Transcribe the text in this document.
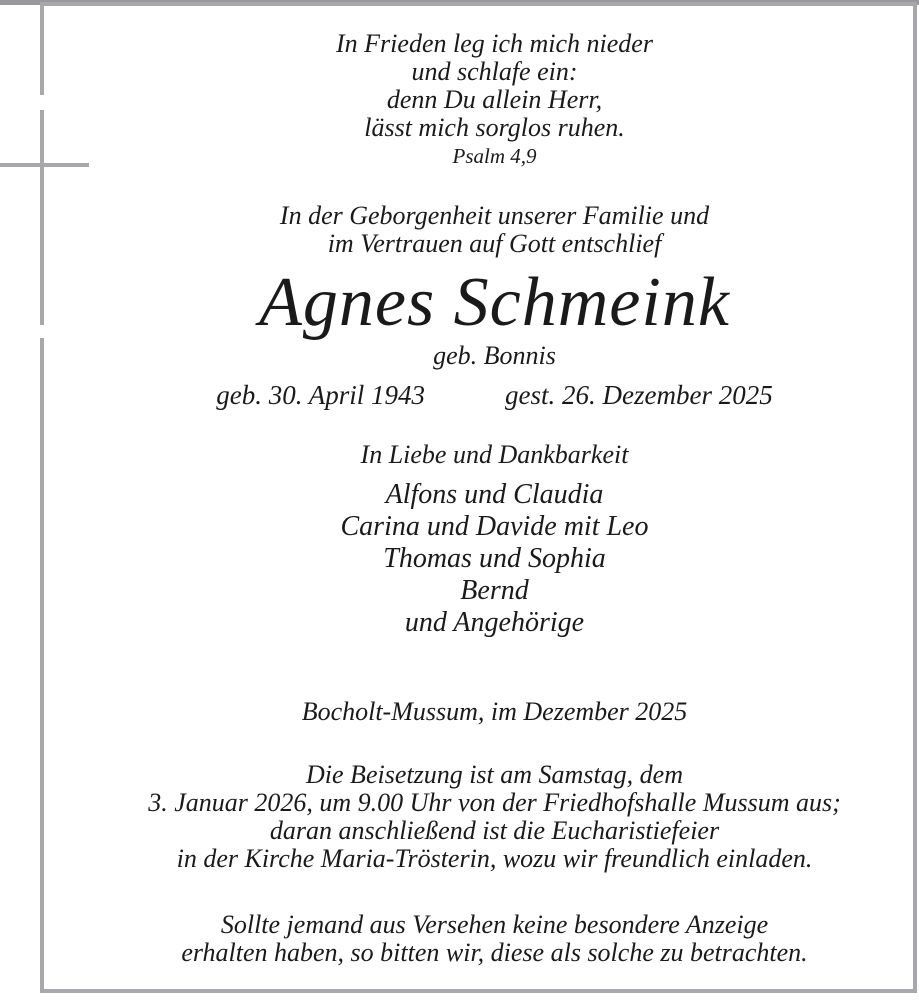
In Frieden leg ich mich nieder
und schlafe ein:
denn Du allein Herr,
lässt mich sorglos ruhen.
Psalm 4,9
In der Geborgenheit unserer Familie und
im Vertrauen auf Gott entschlief
Agnes Schmeink
geb. Bonnis
geb. 30. April 1943	gest. 26. Dezember 2025
In Liebe und Dankbarkeit
Alfons und Claudia
Carina und Davide mit Leo
Thomas und Sophia
Bernd
und Angehörige
Bocholt-Mussum, im Dezember 2025
Die Beisetzung ist am Samstag, dem
3. Januar 2026, um 9.00 Uhr von der Friedhofshalle Mussum aus;
daran anschließend ist die Eucharistiefeier
in der Kirche Maria-Trösterin, wozu wir freundlich einladen.
Sollte jemand aus Versehen keine besondere Anzeige
erhalten haben, so bitten wir, diese als solche zu betrachten.
